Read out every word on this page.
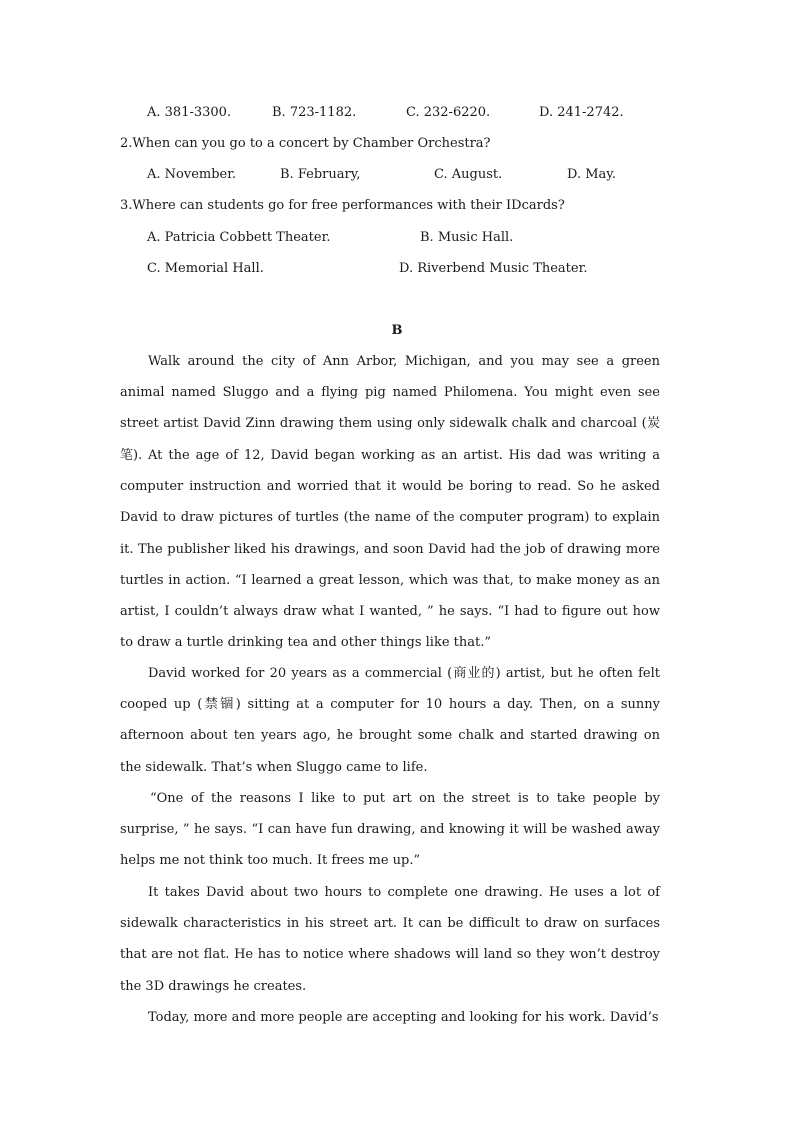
A. 381-3300.	B. 723-1182.	C. 232-6220.	D. 241-2742.
2.When can you go to a concert by Chamber Orchestra?
A. November.	B. February,	C. August.	D. May.
3.Where can students go for free performances with their IDcards?
A. Patricia Cobbett Theater.	B. Music Hall.
C. Memorial Hall.	D. Riverbend Music Theater.
B

Walk around the city of Ann Arbor, Michigan, and you may see a green animal named Sluggo and a flying pig named Philomena. You might even see street artist David Zinn drawing them using only sidewalk chalk and charcoal (炭笔). At the age of 12, David began working as an artist. His dad was writing a computer instruction and worried that it would be boring to read. So he asked David to draw pictures of turtles (the name of the computer program) to explain it. The publisher liked his drawings, and soon David had the job of drawing more turtles in action. “I learned a great lesson, which was that, to make money as an artist, I couldn’t always draw what I wanted, ” he says. “I had to figure out how to draw a turtle drinking tea and other things like that.”

David worked for 20 years as a commercial (商业的) artist, but he often felt cooped up (禁锢) sitting at a computer for 10 hours a day. Then, on a sunny afternoon about ten years ago, he brought some chalk and started drawing on the sidewalk. That’s when Sluggo came to life.

“One of the reasons I like to put art on the street is to take people by surprise, ” he says. “I can have fun drawing, and knowing it will be washed away helps me not think too much. It frees me up.”

It takes David about two hours to complete one drawing. He uses a lot of sidewalk characteristics in his street art. It can be difficult to draw on surfaces that are not flat. He has to notice where shadows will land so they won’t destroy the 3D drawings he creates.

Today, more and more people are accepting and looking for his work. David’s
